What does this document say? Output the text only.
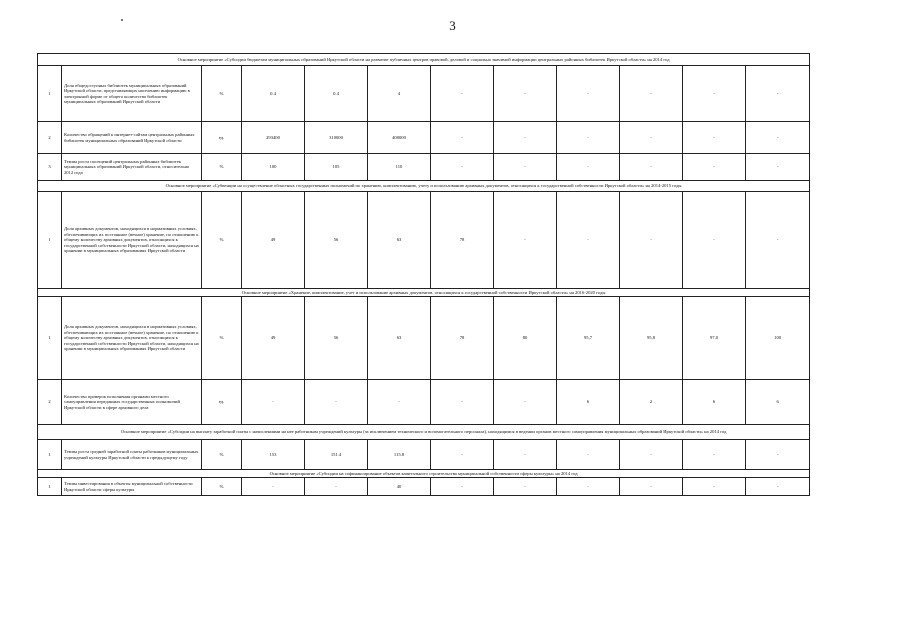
3
Основное мероприятие «Субсидии бюджетам муниципальных образований Иркутской области на развитие публичных центров правовой, деловой и социально значимой информации центральных районных библиотек Иркутской области» на 2014 год											
1	Доля общедоступных библиотек муниципальных образований Иркутской области, представляющих населению информацию в электронной форме от общего количества библиотек муниципальных образований Иркутской области	%	0.4	0.4	4	-	-	-	-	-	-
2	Количество обращений к интернет-сайтам центральных районных библиотек муниципальных образований Иркутской области	ед.	293400	310000	400000	-	-	-	-	-	-
3	Темпы роста посещений центральных районных библиотек муниципальных образований Иркутской области, относительно 2012 года	%	100	105	110	-	-	-	-	-	-
Основное мероприятие «Субвенции на осуществление областных государственных полномочий по хранению, комплектованию, учету и использованию архивных документов, относящихся к государственной собственности Иркутской области» на 2014-2015 годы											
1	Доля архивных документов, находящихся в нормативных условиях, обеспечивающих их постоянное (вечное) хранение, по отношению к общему количеству архивных документов, относящихся к государственной собственности Иркутской области, находящихся на хранении в муниципальных образованиях Иркутской области	%	49	56	63	78	-	-	-	-	-
Основное мероприятие «Хранение, комплектование, учет и использование архивных документов, относящихся к государственной собственности Иркутской области» на 2016-2020 годы											
1	Доля архивных документов, находящихся в нормативных условиях, обеспечивающих их постоянное (вечное) хранение, по отношению к общему количеству архивных документов, относящихся к государственной собственности Иркутской области, находящихся на хранении в муниципальных образованиях Иркутской области	%	49	56	63	78	80	95,7	95,8	97,0	100
2	Количество проверок исполнения органами местного самоуправления переданных государственных полномочий Иркутской области в сфере архивного дела	ед.	-	-	-	-	-	6	2	6	6
Основное мероприятие «Субсидии на выплату заработной платы с начислениями на нее работникам учреждений культуры (за исключением технического и вспомогательного персонала), находящимся в ведении органов местного самоуправления муниципальных образований Иркутской области» на 2014 год											
1	Темпы роста средней заработной платы работников муниципальных учреждений культуры Иркутской области к предыдущему году	%	153	151.4	115.8	-	-	-	-	-	-
Основное мероприятие «Субсидии на софинансирование объектов капитального строительства муниципальной собственности сферы культуры» на 2014 год											
1	Темпы инвестирования в объекты муниципальной собственности Иркутской области сферы культуры	%	-	-	40	-	-	-	-	-	-
